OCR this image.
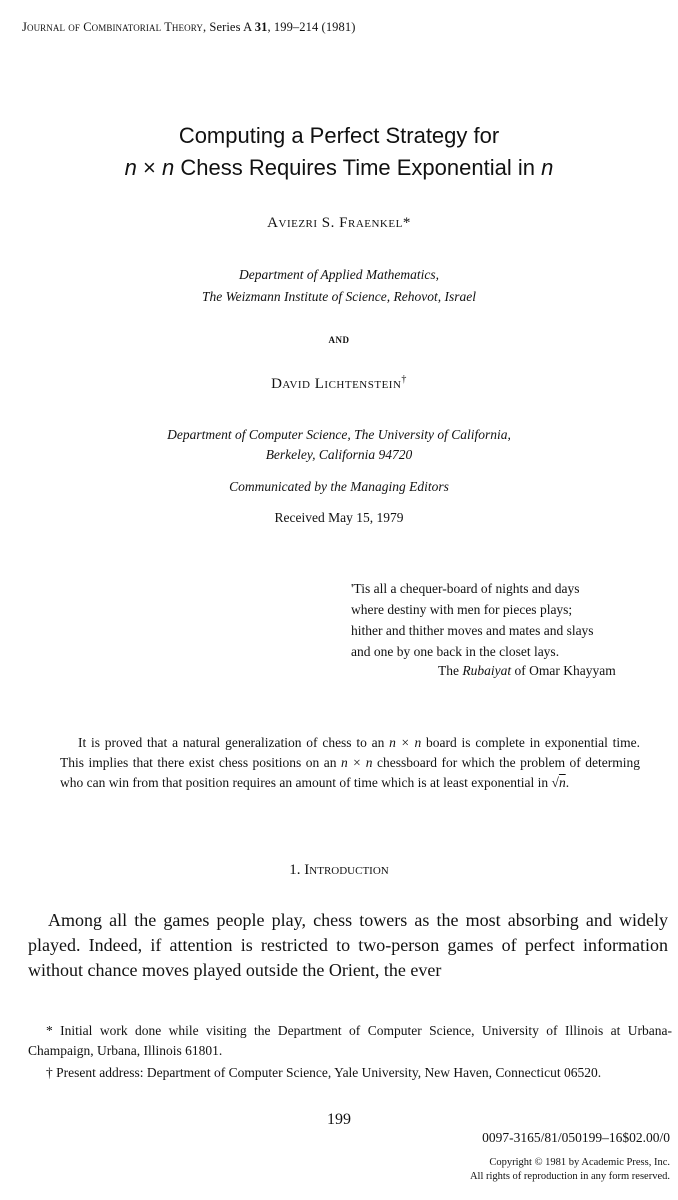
Journal of Combinatorial Theory, Series A 31, 199–214 (1981)
Computing a Perfect Strategy for
n × n Chess Requires Time Exponential in n
Aviezri S. Fraenkel*
Department of Applied Mathematics,
The Weizmann Institute of Science, Rehovot, Israel
and
David Lichtenstein†
Department of Computer Science, The University of California,
Berkeley, California 94720
Communicated by the Managing Editors
Received May 15, 1979
'Tis all a chequer-board of nights and days
where destiny with men for pieces plays;
hither and thither moves and mates and slays
and one by one back in the closet lays.
The Rubaiyat of Omar Khayyam

It is proved that a natural generalization of chess to an n × n board is complete in exponential time. This implies that there exist chess positions on an n × n chessboard for which the problem of determing who can win from that position requires an amount of time which is at least exponential in √n.

1. Introduction

Among all the games people play, chess towers as the most absorbing and widely played. Indeed, if attention is restricted to two-person games of perfect information without chance moves played outside the Orient, the ever

* Initial work done while visiting the Department of Computer Science, University of Illinois at Urbana-Champaign, Urbana, Illinois 61801.

† Present address: Department of Computer Science, Yale University, New Haven, Connecticut 06520.

199
0097-3165/81/050199–16$02.00/0
Copyright © 1981 by Academic Press, Inc.
All rights of reproduction in any form reserved.
